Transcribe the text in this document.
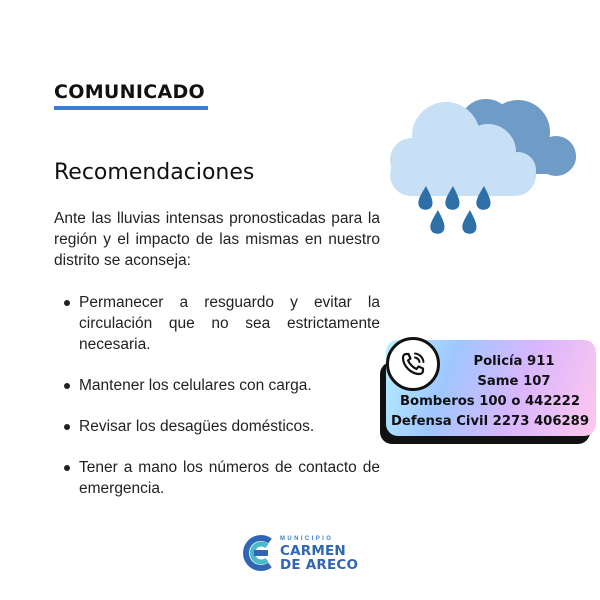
COMUNICADO
Recomendaciones
Ante las lluvias intensas pronosticadas para la región y el impacto de las mismas en nuestro distrito se aconseja:
Permanecer a resguardo y evitar la circulación que no sea estrictamente necesaria.
Mantener los celulares con carga.
Revisar los desagües domésticos.
Tener a mano los números de contacto de emergencia.
Policía 911
Same 107
Bomberos 100 o 442222
Defensa Civil 2273 406289
MUNICIPIO
CARMEN
DE ARECO
